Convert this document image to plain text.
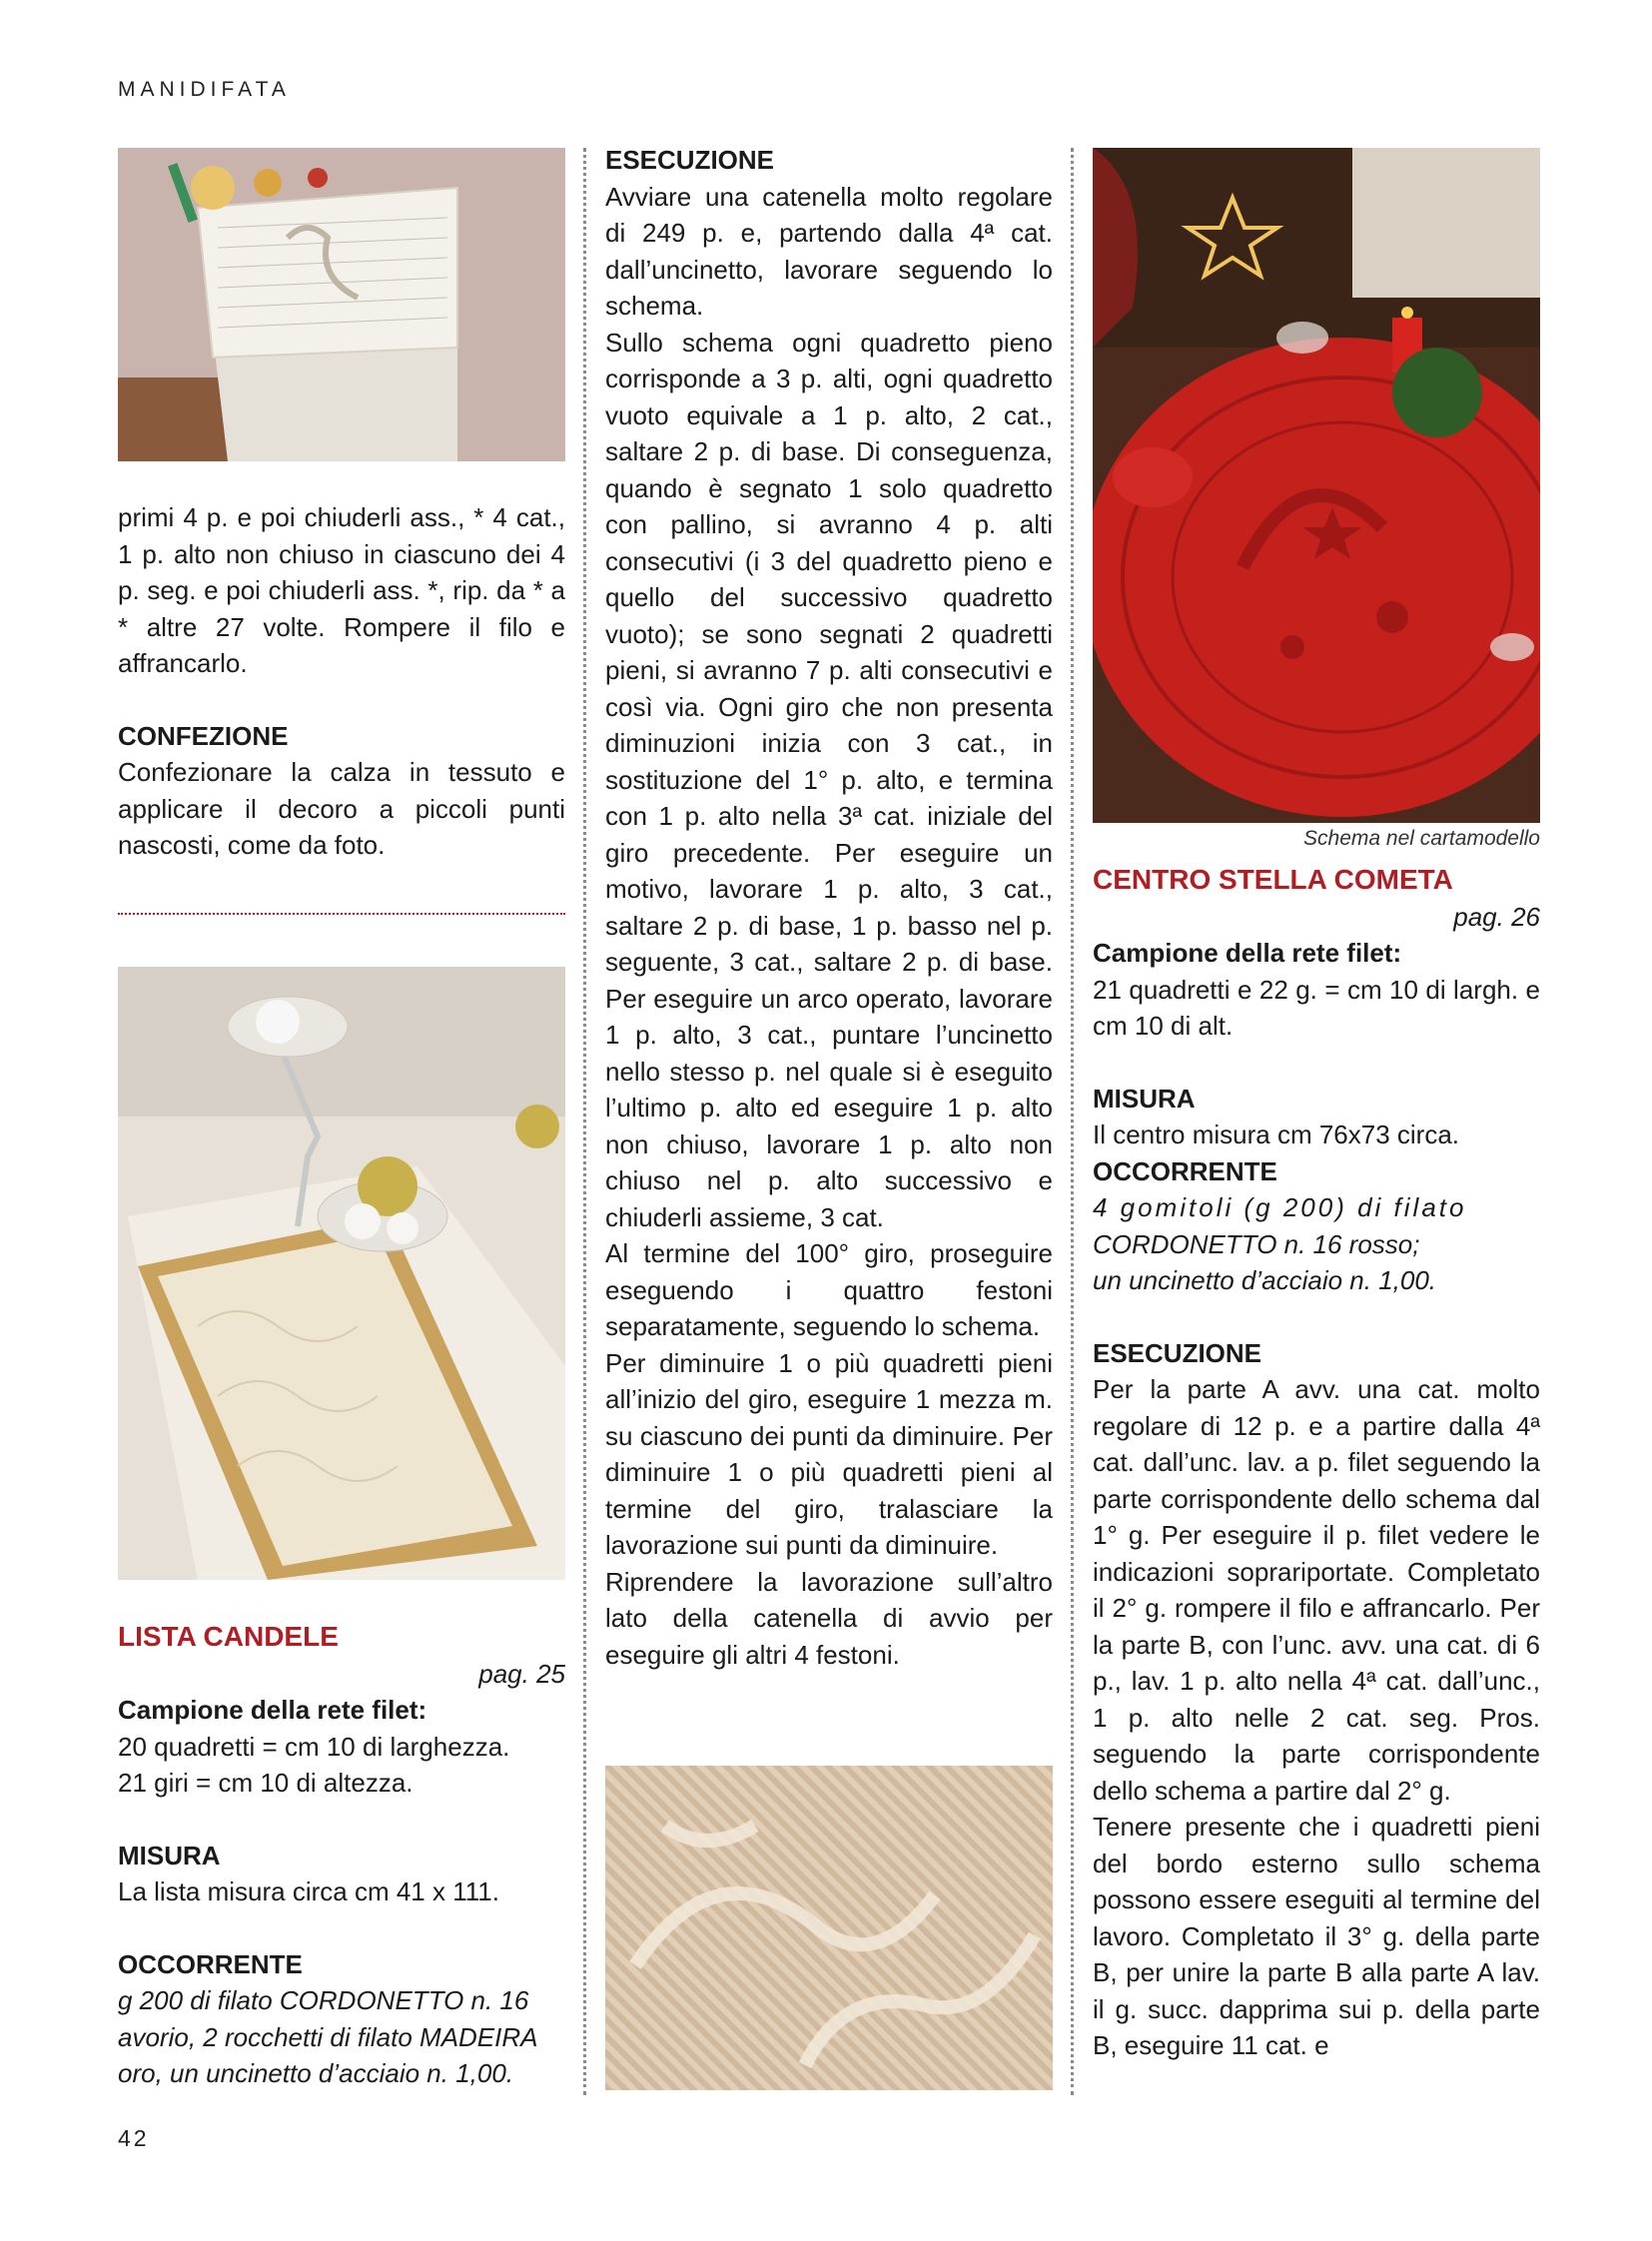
MANIDIFATA
42
Schema nel cartamodello

primi 4 p. e poi chiuderli ass., * 4 cat., 1 p. alto non chiuso in ciascuno dei 4 p. seg. e poi chiuderli ass. *, rip. da * a * altre 27 volte. Rompere il filo e affrancarlo.

CONFEZIONE

Confezionare la calza in tessuto e applicare il decoro a piccoli punti nascosti, come da foto.

LISTA CANDELE

pag. 25

Campione della rete filet:

20 quadretti = cm 10 di larghezza.

21 giri = cm 10 di altezza.

MISURA

La lista misura circa cm 41 x 111.

OCCORRENTE

g 200 di filato CORDONETTO n. 16 avorio, 2 rocchetti di filato MADEIRA oro, un uncinetto d’acciaio n. 1,00.

ESECUZIONE

Avviare una catenella molto regolare di 249 p. e, partendo dalla 4ª cat. dall’uncinetto, lavorare seguendo lo schema.

Sullo schema ogni quadretto pieno corrisponde a 3 p. alti, ogni quadretto vuoto equivale a 1 p. alto, 2 cat., saltare 2 p. di base. Di conseguenza, quando è segnato 1 solo quadretto con pallino, si avranno 4 p. alti consecutivi (i 3 del quadretto pieno e quello del successivo quadretto vuoto); se sono segnati 2 quadretti pieni, si avranno 7 p. alti consecutivi e così via. Ogni giro che non presenta diminuzioni inizia con 3 cat., in sostituzione del 1° p. alto, e termina con 1 p. alto nella 3ª cat. iniziale del giro precedente. Per eseguire un motivo, lavorare 1 p. alto, 3 cat., saltare 2 p. di base, 1 p. basso nel p. seguente, 3 cat., saltare 2 p. di base. Per eseguire un arco operato, lavorare 1 p. alto, 3 cat., puntare l’uncinetto nello stesso p. nel quale si è eseguito l’ultimo p. alto ed eseguire 1 p. alto non chiuso, lavorare 1 p. alto non chiuso nel p. alto successivo e chiuderli assieme, 3 cat.

Al termine del 100° giro, proseguire eseguendo i quattro festoni separatamente, seguendo lo schema.

Per diminuire 1 o più quadretti pieni all’inizio del giro, eseguire 1 mezza m. su ciascuno dei punti da diminuire. Per diminuire 1 o più quadretti pieni al termine del giro, tralasciare la lavorazione sui punti da diminuire.

Riprendere la lavorazione sull’altro lato della catenella di avvio per eseguire gli altri 4 festoni.

CENTRO STELLA COMETA

pag. 26

Campione della rete filet:

21 quadretti e 22 g. = cm 10 di largh. e cm 10 di alt.

MISURA

Il centro misura cm 76x73 circa.

OCCORRENTE

4 gomitoli (g 200) di filato

CORDONETTO n. 16 rosso;

un uncinetto d’acciaio n. 1,00.

ESECUZIONE

Per la parte A avv. una cat. molto regolare di 12 p. e a partire dalla 4ª cat. dall’unc. lav. a p. filet seguendo la parte corrispondente dello schema dal 1° g. Per eseguire il p. filet vedere le indicazioni soprariportate. Completato il 2° g. rompere il filo e affrancarlo. Per la parte B, con l’unc. avv. una cat. di 6 p., lav. 1 p. alto nella 4ª cat. dall’unc., 1 p. alto nelle 2 cat. seg. Pros. seguendo la parte corrispondente dello schema a partire dal 2° g.

Tenere presente che i quadretti pieni del bordo esterno sullo schema possono essere eseguiti al termine del lavoro. Completato il 3° g. della parte B, per unire la parte B alla parte A lav. il g. succ. dapprima sui p. della parte B, eseguire 11 cat. e
